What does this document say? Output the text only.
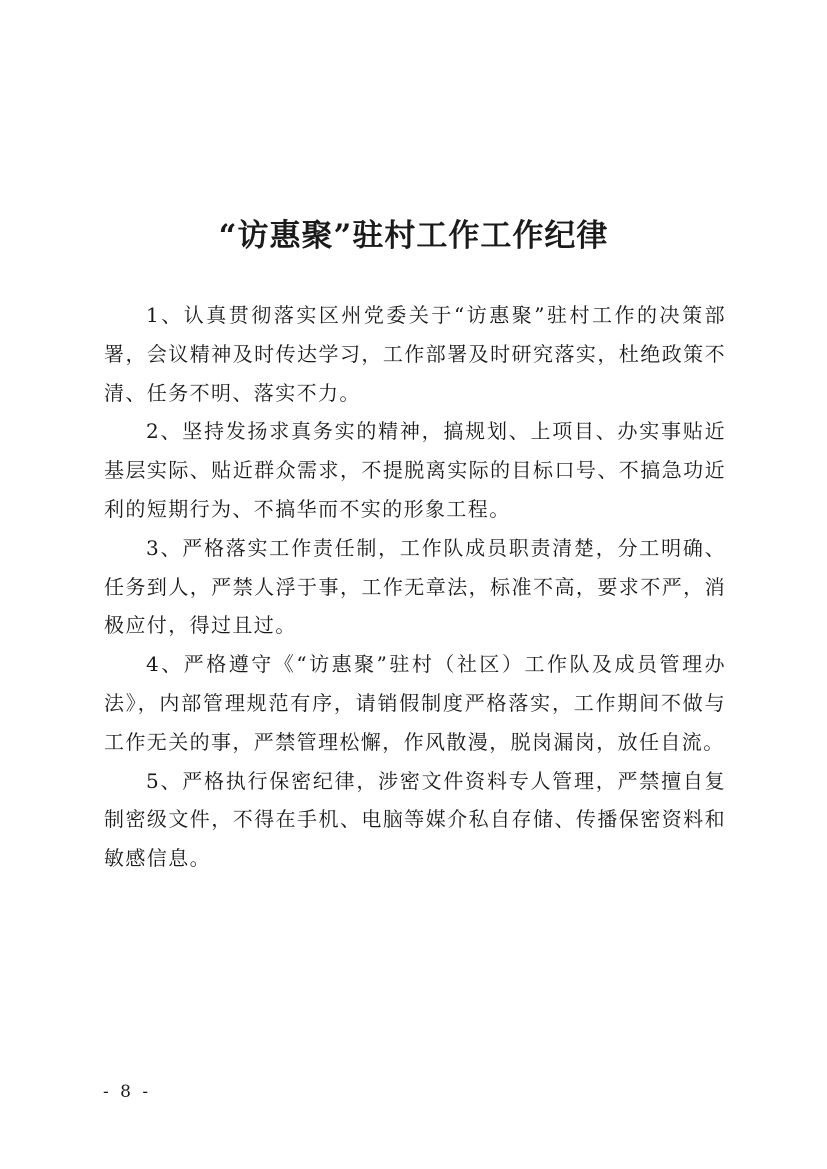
“访惠聚”驻村工作工作纪律

1、认真贯彻落实区州党委关于“访惠聚”驻村工作的决策部署，会议精神及时传达学习，工作部署及时研究落实，杜绝政策不清、任务不明、落实不力。

2、坚持发扬求真务实的精神，搞规划、上项目、办实事贴近基层实际、贴近群众需求，不提脱离实际的目标口号、不搞急功近利的短期行为、不搞华而不实的形象工程。

3、严格落实工作责任制，工作队成员职责清楚，分工明确、任务到人，严禁人浮于事，工作无章法，标准不高，要求不严，消极应付，得过且过。

4、严格遵守《“访惠聚”驻村（社区）工作队及成员管理办法》，内部管理规范有序，请销假制度严格落实，工作期间不做与工作无关的事，严禁管理松懈，作风散漫，脱岗漏岗，放任自流。

5、严格执行保密纪律，涉密文件资料专人管理，严禁擅自复制密级文件，不得在手机、电脑等媒介私自存储、传播保密资料和敏感信息。

- 8 -
